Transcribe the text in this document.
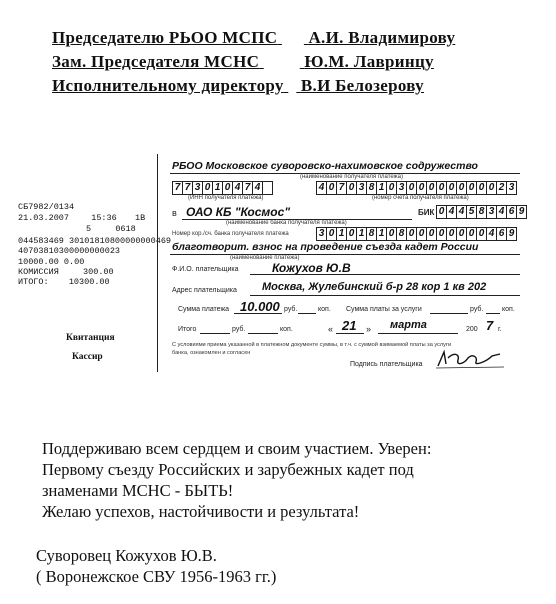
Председателю РЬОО МСПС А.И. Владимирову
Зам. Председателя МСНС	Ю.М. Лавринцу
Исполнительному директору В.И Белозерову
СБ7982/0134
21.03.2007	15:36 1B
5	0618
044583469 30101810800000000469
40703810300000000023
10000.00 0.00
КОМИССИЯ	300.00
ИТОГО: 10300.00
Квитанция
Кассир
РБОО Московское суворовско-нахимовское содружество
(наименование получателя платежа)
7 7 3 0 1 0 4 7 4	4 0 7 0 3 8 1 0 3 0 0 0 0 0 0 0 0 0 2 3
(ИНН получателя платежа)	(номер счета получателя платежа)
в ОАО КБ "Космос"
(наименование банка получателя платежа)
БИК 0 4 4 5 8 3 4 6 9
Номер кор./сч. банка получателя платежа	3 0 1 0 1 8 1 0 8 0 0 0 0 0 0 0 0 4 6 9
благотворит. взнос на проведение съезда кадет России
(наименование платежа)
Ф.И.О. плательщика	Кожухов Ю.В
Адрес плательщика Москва, Жулебинский б-р 28 кор 1 кв 202
Сумма платежа 10.000 руб.	коп. Сумма платы за услуги	руб.	коп.
Итого	руб.	коп.	« 21 » марта	200 7 г.
С условиями приема указанной в платежном документе суммы, в т.ч. с суммой взимаемой платы за услуги
банка, ознакомлен и согласен
Подпись плательщика
Поддерживаю всем сердцем и своим участием. Уверен:
Первому съезду Российских и зарубежных кадет под
знаменами МСНС - БЫТЬ!
Желаю успехов, настойчивости и результата!
Суворовец Кожухов Ю.В.
( Воронежское СВУ 1956-1963 гг.)
